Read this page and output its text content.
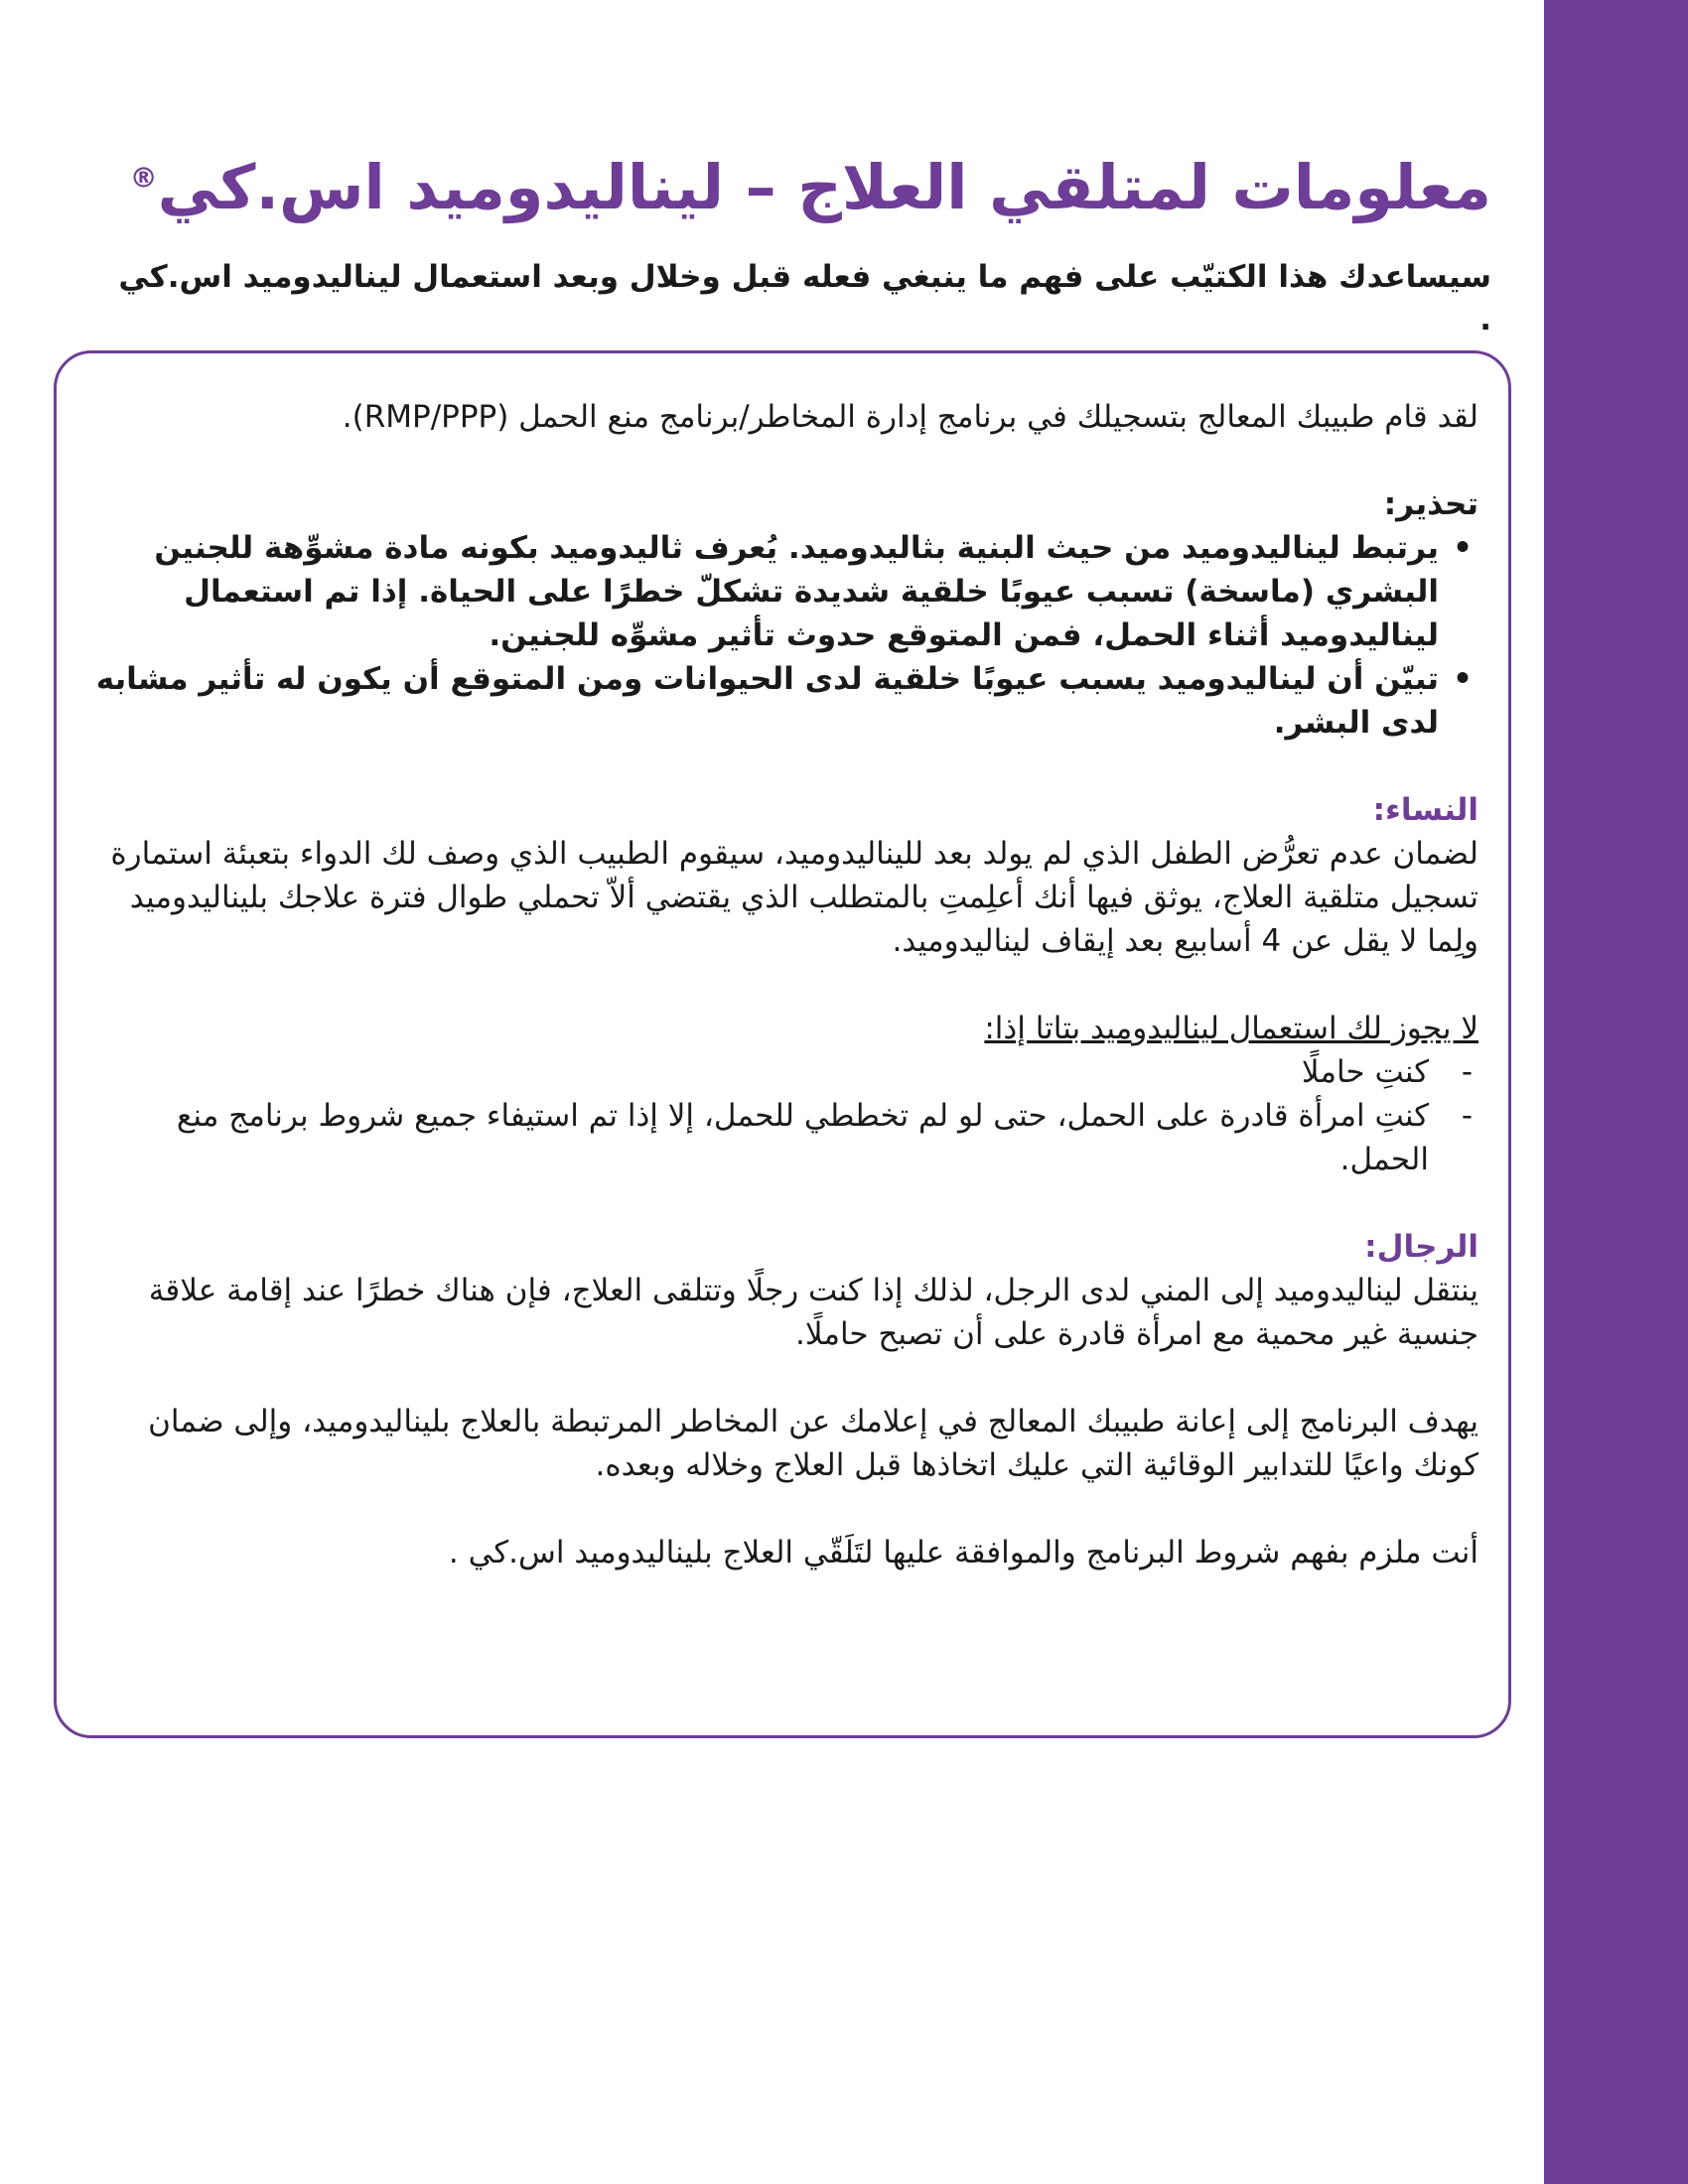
معلومات لمتلقي العلاج – ليناليدوميد اس.كي®

سيساعدك هذا الكتيّب على فهم ما ينبغي فعله قبل وخلال وبعد استعمال ليناليدوميد اس.كي .

لقد قام طبيبك المعالج بتسجيلك في برنامج إدارة المخاطر/برنامج منع الحمل (RMP/PPP).

تحذير:

• يرتبط ليناليدوميد من حيث البنية بثاليدوميد. يُعرف ثاليدوميد بكونه مادة مشوِّهة للجنين البشري (ماسخة) تسبب عيوبًا خلقية شديدة تشكلّ خطرًا على الحياة. إذا تم استعمال ليناليدوميد أثناء الحمل، فمن المتوقع حدوث تأثير مشوِّه للجنين.
• تبيّن أن ليناليدوميد يسبب عيوبًا خلقية لدى الحيوانات ومن المتوقع أن يكون له تأثير مشابه لدى البشر.

النساء:

لضمان عدم تعرُّض الطفل الذي لم يولد بعد لليناليدوميد، سيقوم الطبيب الذي وصف لك الدواء بتعبئة استمارة تسجيل متلقية العلاج، يوثق فيها أنك أعلِمتِ بالمتطلب الذي يقتضي ألاّ تحملي طوال فترة علاجك بليناليدوميد ولِما لا يقل عن 4 أسابيع بعد إيقاف ليناليدوميد.

لا يجوز لك استعمال ليناليدوميد بتاتا إذا:

- كنتِ حاملًا
- كنتِ امرأة قادرة على الحمل، حتى لو لم تخططي للحمل، إلا إذا تم استيفاء جميع شروط برنامج منع الحمل.

الرجال:

ينتقل ليناليدوميد إلى المني لدى الرجل، لذلك إذا كنت رجلًا وتتلقى العلاج، فإن هناك خطرًا عند إقامة علاقة جنسية غير محمية مع امرأة قادرة على أن تصبح حاملًا.

يهدف البرنامج إلى إعانة طبيبك المعالج في إعلامك عن المخاطر المرتبطة بالعلاج بليناليدوميد، وإلى ضمان كونك واعيًا للتدابير الوقائية التي عليك اتخاذها قبل العلاج وخلاله وبعده.

أنت ملزم بفهم شروط البرنامج والموافقة عليها لتَلَقّي العلاج بليناليدوميد اس.كي .
